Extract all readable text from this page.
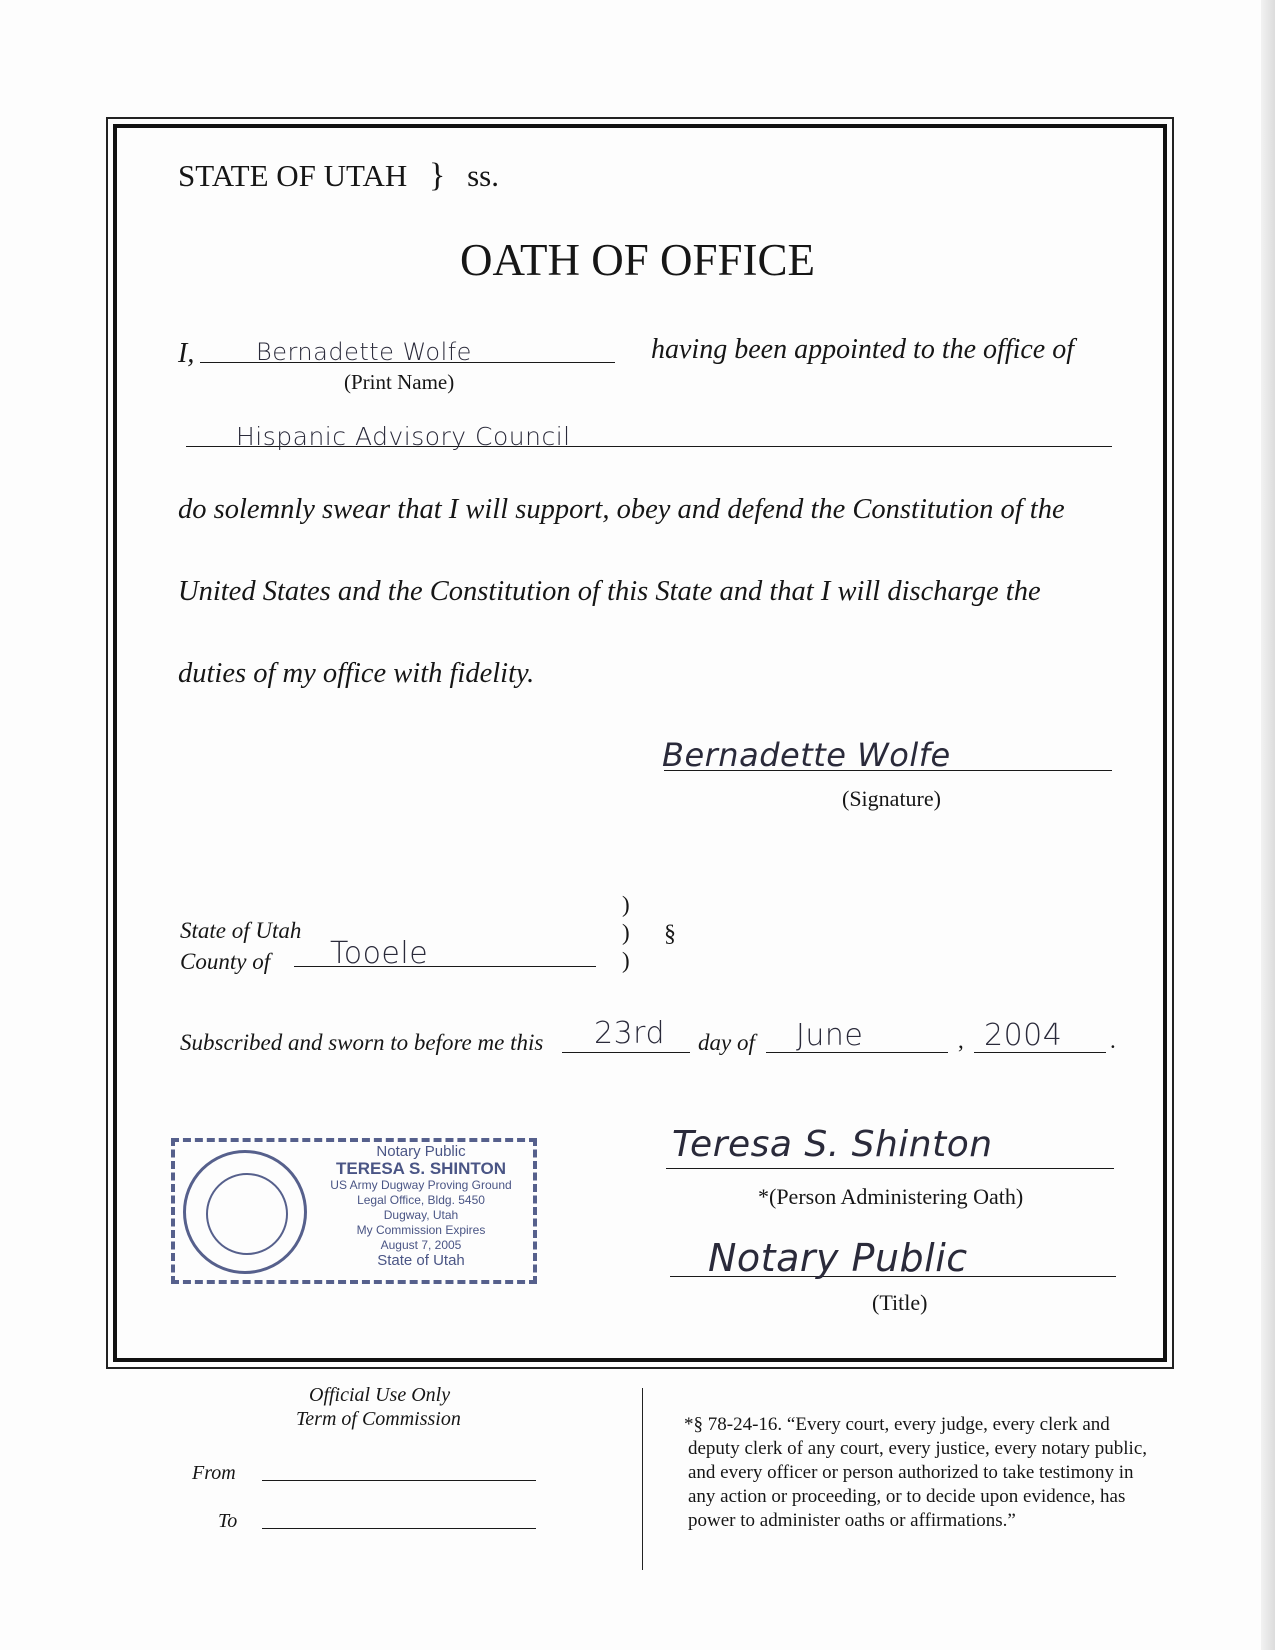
STATE OF UTAH } ss.
OATH OF OFFICE
I,	Bernadette Wolfe
(Print Name)
having been appointed to the office of
Hispanic Advisory Council
do solemnly swear that I will support, obey and defend the Constitution of the
United States and the Constitution of this State and that I will discharge the
duties of my office with fidelity.
Bernadette Wolfe
(Signature)
State of Utah
County of Tooele
)
)
)
§
Subscribed and sworn to before me this 23rd day of June	, 2004 .
Notary Public
TERESA S. SHINTON
US Army Dugway Proving Ground
Legal Office, Bldg. 5450
Dugway, Utah
My Commission Expires
August 7, 2005
State of Utah
Teresa S. Shinton
*(Person Administering Oath)
Notary Public
(Title)
Official Use Only
Term of Commission
From
To
*§ 78-24-16. “Every court, every judge, every clerk and
deputy clerk of any court, every justice, every notary public,
and every officer or person authorized to take testimony in
any action or proceeding, or to decide upon evidence, has
power to administer oaths or affirmations.”
